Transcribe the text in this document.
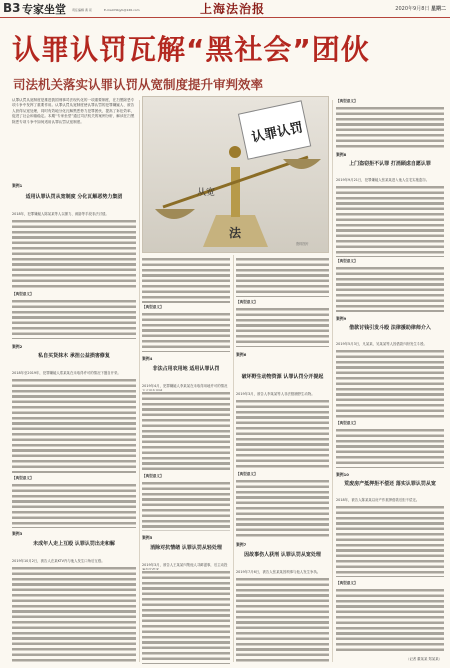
B3 专家坐堂 责任编辑 黄 亮	E-mail:fzbjyb@126.com	上海法治报	2020年9月8日 星期二
认罪认罚瓦解“黑社会”团伙
司法机关落实认罪认罚从宽制度提升审判效率
认罪认罚从宽制度是推进我国刑事司法现代化的一项重要制度，在扫黑除恶专项斗争中发挥了重要作用。认罪认罚从宽制度使认罪认罚的犯罪嫌疑人、被告人获得从宽处理，同时有效地分化瓦解黑恶势力犯罪团伙，提高了诉讼效率，促进了社会和谐稳定。本期“专家坐堂”通过司法机关的案例分析，解读在扫黑除恶专项斗争中如何适用认罪认罚从宽制度。
案例1
适用认罪认罚从宽制度 分化瓦解恶势力集团
2018年，犯罪嫌疑人陈某某等人以暴力、威胁等手段非法讨债。
【典型意义】
案例2
私自买货抹木 承担公益损害修复
2018年至2019年，犯罪嫌疑人郑某某在未取得许可的情况下擅自开采。
【典型意义】
案例3
未成年人走上互殴 认罪认罚出走和解
2019年10月2日，被告人在某KTV内与他人发生口角后互殴。
认罪认罚
从宽
法
资料图片
【典型意义】
案例4
非法占用农用地 适用认罪认罚
2019年4月，犯罪嫌疑人李某某在未取得用地许可的情况
【典型意义】
案例5
消除对抗情绪 认罪认罚从轻处理
2019年3月，被告人王某某纠集他人寻衅滋事，后主动投
【典型意义】
案例6
破坏野生动物资源 认罪认罚分开提起
2019年3月，被告人李某某等人非法猎捕野生动物。
【典型意义】
案例7
因故事伤人获刑 认罪认罚从宽处理
2019年7月6日，被告人张某某因琐事与他人发生争执。
【典型意义】
案例8
上门盗窃拒不认罪 打消顾虑自愿认罪
2019年9月21日，犯罪嫌疑人张某某进入他人住宅实施盗窃。
【典型意义】
案例9
借款讨钱引发斗殴 法律援助律师介入
2019年5月3日，凡某某、吴某某等人因借款纠纷发生斗殴。
【典型意义】
案例10
荒废房产抵押拒不偿还 落实认罪认罚从宽
2018年，被告人陈某某以房产作抵押借款后拒不偿还。
【典型意义】
（记者 董某某 郑某某）
